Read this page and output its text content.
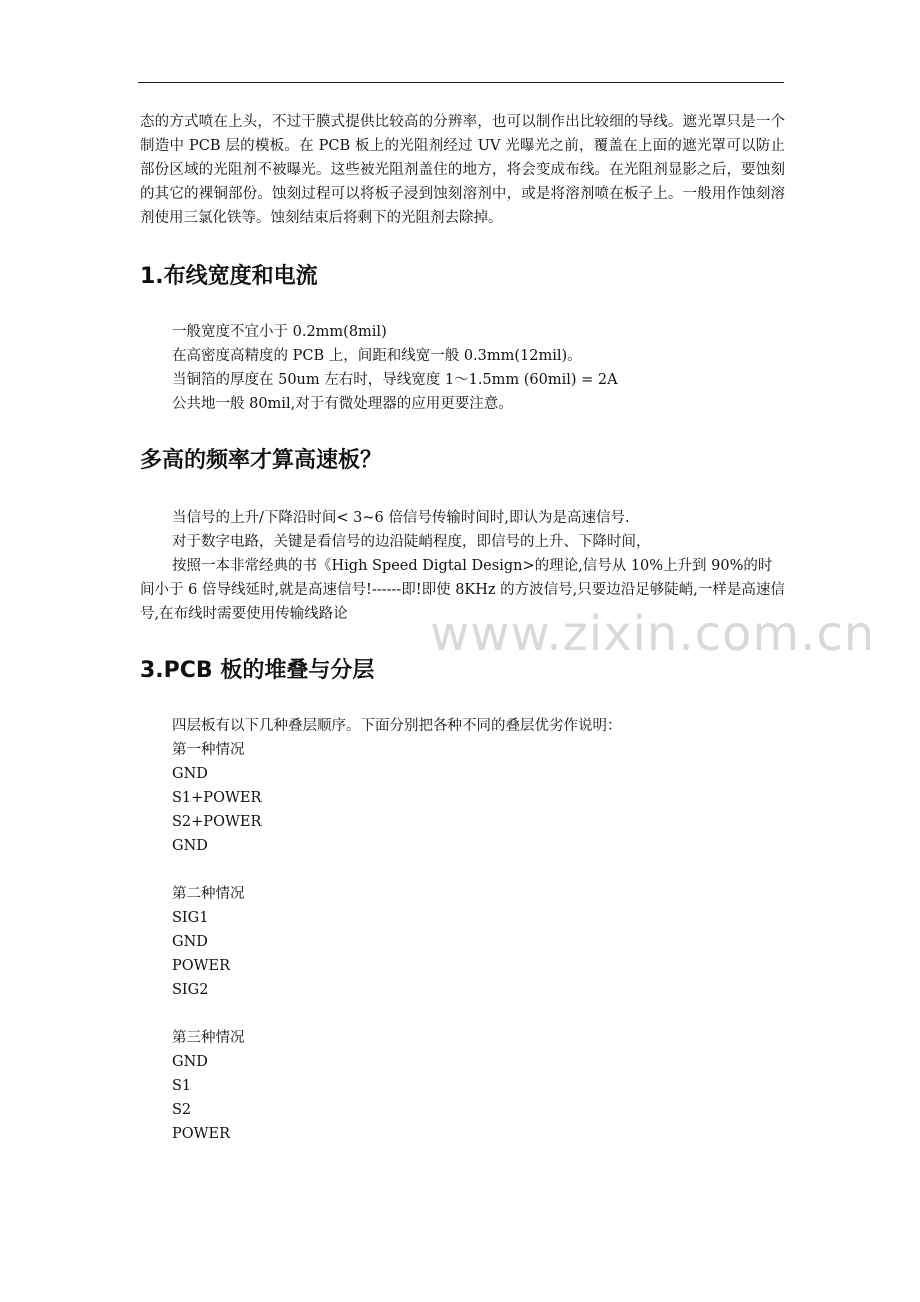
态的方式喷在上头，不过干膜式提供比较高的分辨率，也可以制作出比较细的导线。遮光罩只是一个制造中 PCB 层的模板。在 PCB 板上的光阻剂经过 UV 光曝光之前，覆盖在上面的遮光罩可以防止部份区域的光阻剂不被曝光。这些被光阻剂盖住的地方，将会变成布线。在光阻剂显影之后，要蚀刻的其它的裸铜部份。蚀刻过程可以将板子浸到蚀刻溶剂中，或是将溶剂喷在板子上。一般用作蚀刻溶剂使用三氯化铁等。蚀刻结束后将剩下的光阻剂去除掉。

1.布线宽度和电流
一般宽度不宜小于 0.2mm(8mil)
在高密度高精度的 PCB 上，间距和线宽一般 0.3mm(12mil)。
当铜箔的厚度在 50um 左右时，导线宽度 1～1.5mm (60mil) = 2A
公共地一般 80mil,对于有微处理器的应用更要注意。
多高的频率才算高速板？
当信号的上升/下降沿时间< 3~6 倍信号传输时间时,即认为是高速信号.
对于数字电路，关键是看信号的边沿陡峭程度，即信号的上升、下降时间，
按照一本非常经典的书《High Speed Digtal Design>的理论,信号从 10%上升到 90%的时间小于 6 倍导线延时,就是高速信号!------即!即使 8KHz 的方波信号,只要边沿足够陡峭,一样是高速信号,在布线时需要使用传输线路论	www.zixin.com.cn
3.PCB 板的堆叠与分层
四层板有以下几种叠层顺序。下面分别把各种不同的叠层优劣作说明：
第一种情况
GND
S1+POWER
S2+POWER
GND
第二种情况
SIG1
GND
POWER
SIG2
第三种情况
GND
S1
S2
POWER
